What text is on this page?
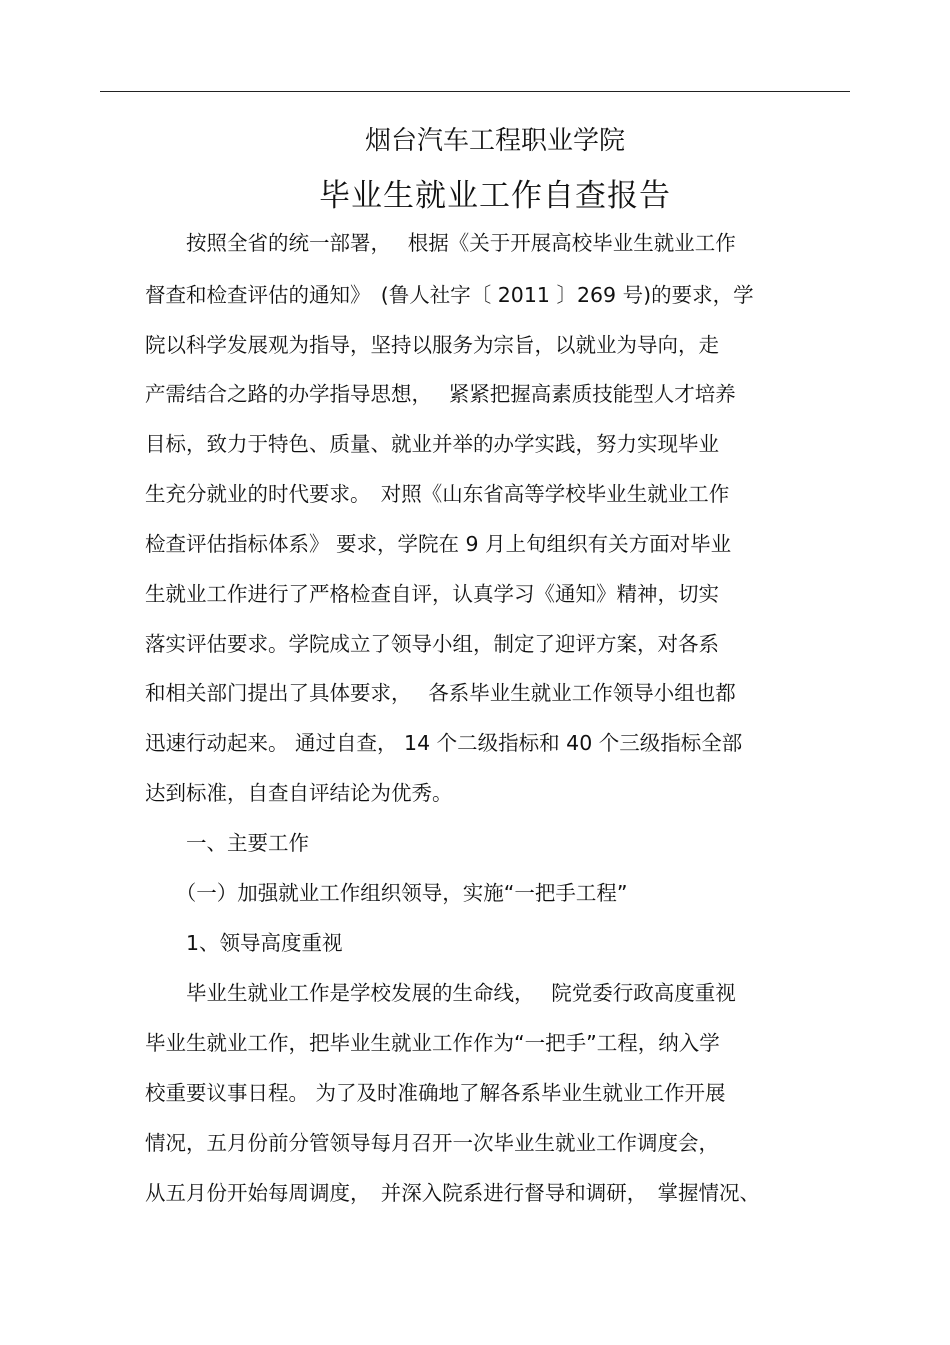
烟台汽车工程职业学院
毕业生就业工作自查报告
　　按照全省的统一部署，　 根据《关于开展高校毕业生就业工作
督查和检查评估的通知》　(鲁人社字〔 2011 〕269 号)的要求，学
院以科学发展观为指导，坚持以服务为宗旨，以就业为导向，走
产需结合之路的办学指导思想，　 紧紧把握高素质技能型人才培养
目标，致力于特色、质量、就业并举的办学实践，努力实现毕业
生充分就业的时代要求。　对照《山东省高等学校毕业生就业工作
检查评估指标体系》 要求，学院在 9 月上旬组织有关方面对毕业
生就业工作进行了严格检查自评，认真学习《通知》精神，切实
落实评估要求。学院成立了领导小组，制定了迎评方案，对各系
和相关部门提出了具体要求，　 各系毕业生就业工作领导小组也都
迅速行动起来。 通过自查， 14 个二级指标和 40 个三级指标全部
达到标准，自查自评结论为优秀。
　　一、主要工作
　　（一）加强就业工作组织领导，实施“一把手工程”
　　1、领导高度重视
　　毕业生就业工作是学校发展的生命线，　 院党委行政高度重视
毕业生就业工作，把毕业生就业工作作为“一把手”工程，纳入学
校重要议事日程。 为了及时准确地了解各系毕业生就业工作开展
情况，五月份前分管领导每月召开一次毕业生就业工作调度会，
从五月份开始每周调度，　并深入院系进行督导和调研，　掌握情况、
